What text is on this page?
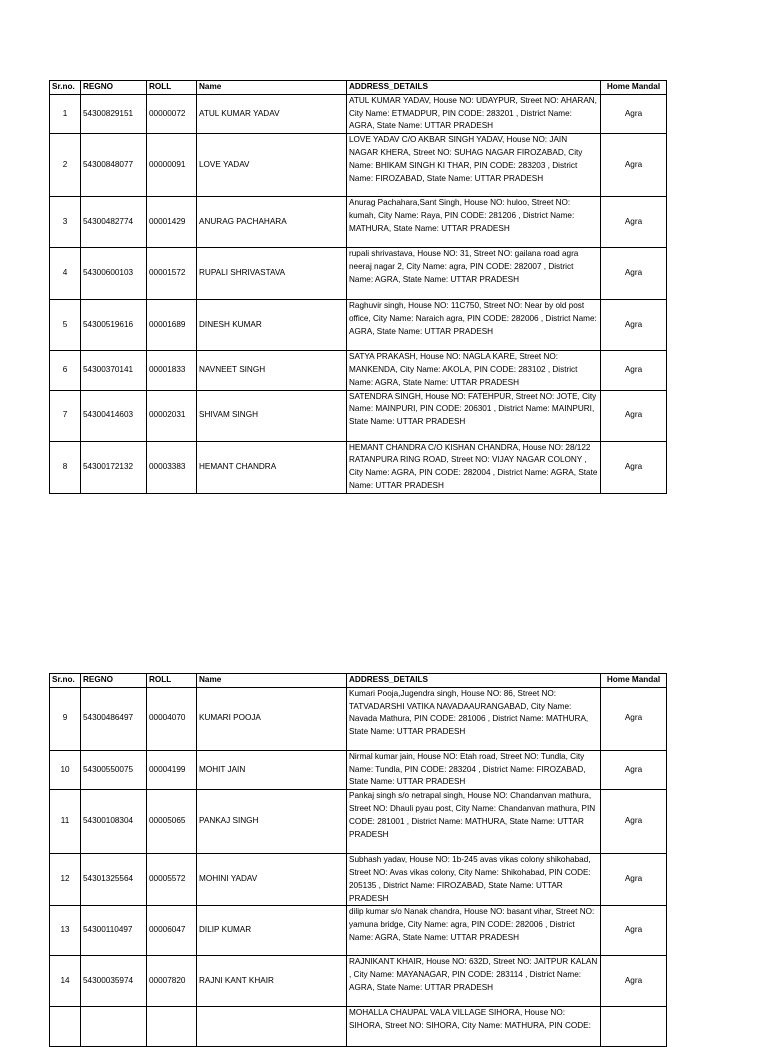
Sr.no.	REGNO	ROLL	Name	ADDRESS_DETAILS	Home Mandal
1	54300829151	00000072	ATUL KUMAR YADAV	ATUL KUMAR YADAV, House NO: UDAYPUR, Street NO: AHARAN, City Name: ETMADPUR, PIN CODE: 283201 , District Name: AGRA, State Name: UTTAR PRADESH	Agra
2	54300848077	00000091	LOVE YADAV	LOVE YADAV C/O AKBAR SINGH YADAV, House NO: JAIN NAGAR KHERA, Street NO: SUHAG NAGAR FIROZABAD, City Name: BHIKAM SINGH KI THAR, PIN CODE: 283203 , District Name: FIROZABAD, State Name: UTTAR PRADESH	Agra
3	54300482774	00001429	ANURAG PACHAHARA	Anurag Pachahara,Sant Singh, House NO: huloo, Street NO: kumah, City Name: Raya, PIN CODE: 281206 , District Name: MATHURA, State Name: UTTAR PRADESH	Agra
4	54300600103	00001572	RUPALI SHRIVASTAVA	rupali shrivastava, House NO: 31, Street NO: gailana road agra neeraj nagar 2, City Name: agra, PIN CODE: 282007 , District Name: AGRA, State Name: UTTAR PRADESH	Agra
5	54300519616	00001689	DINESH KUMAR	Raghuvir singh, House NO: 11C750, Street NO: Near by old post office, City Name: Naraich agra, PIN CODE: 282006 , District Name: AGRA, State Name: UTTAR PRADESH	Agra
6	54300370141	00001833	NAVNEET SINGH	SATYA PRAKASH, House NO: NAGLA KARE, Street NO: MANKENDA, City Name: AKOLA, PIN CODE: 283102 , District Name: AGRA, State Name: UTTAR PRADESH	Agra
7	54300414603	00002031	SHIVAM SINGH	SATENDRA SINGH, House NO: FATEHPUR, Street NO: JOTE, City Name: MAINPURI, PIN CODE: 206301 , District Name: MAINPURI, State Name: UTTAR PRADESH	Agra
8	54300172132	00003383	HEMANT CHANDRA	HEMANT CHANDRA C/O KISHAN CHANDRA, House NO: 28/122 RATANPURA RING ROAD, Street NO: VIJAY NAGAR COLONY , City Name: AGRA, PIN CODE: 282004 , District Name: AGRA, State Name: UTTAR PRADESH	Agra
Sr.no.	REGNO	ROLL	Name	ADDRESS_DETAILS	Home Mandal
9	54300486497	00004070	KUMARI POOJA	Kumari Pooja,Jugendra singh, House NO: 86, Street NO: TATVADARSHI VATIKA NAVADAAURANGABAD, City Name: Navada Mathura, PIN CODE: 281006 , District Name: MATHURA, State Name: UTTAR PRADESH	Agra
10	54300550075	00004199	MOHIT JAIN	Nirmal kumar jain, House NO: Etah road, Street NO: Tundla, City Name: Tundla, PIN CODE: 283204 , District Name: FIROZABAD, State Name: UTTAR PRADESH	Agra
11	54300108304	00005065	PANKAJ SINGH	Pankaj singh s/o netrapal singh, House NO: Chandanvan mathura, Street NO: Dhauli pyau post, City Name: Chandanvan mathura, PIN CODE: 281001 , District Name: MATHURA, State Name: UTTAR PRADESH	Agra
12	54301325564	00005572	MOHINI YADAV	Subhash yadav, House NO: 1b-245 avas vikas colony shikohabad, Street NO: Avas vikas colony, City Name: Shikohabad, PIN CODE: 205135 , District Name: FIROZABAD, State Name: UTTAR PRADESH	Agra
13	54300110497	00006047	DILIP KUMAR	dilip kumar s/o Nanak chandra, House NO: basant vihar, Street NO: yamuna bridge, City Name: agra, PIN CODE: 282006 , District Name: AGRA, State Name: UTTAR PRADESH	Agra
14	54300035974	00007820	RAJNI KANT KHAIR	RAJNIKANT KHAIR, House NO: 632D, Street NO: JAITPUR KALAN , City Name: MAYANAGAR, PIN CODE: 283114 , District Name: AGRA, State Name: UTTAR PRADESH	Agra
				MOHALLA CHAUPAL VALA VILLAGE SIHORA, House NO: SIHORA, Street NO: SIHORA, City Name: MATHURA, PIN CODE:	
